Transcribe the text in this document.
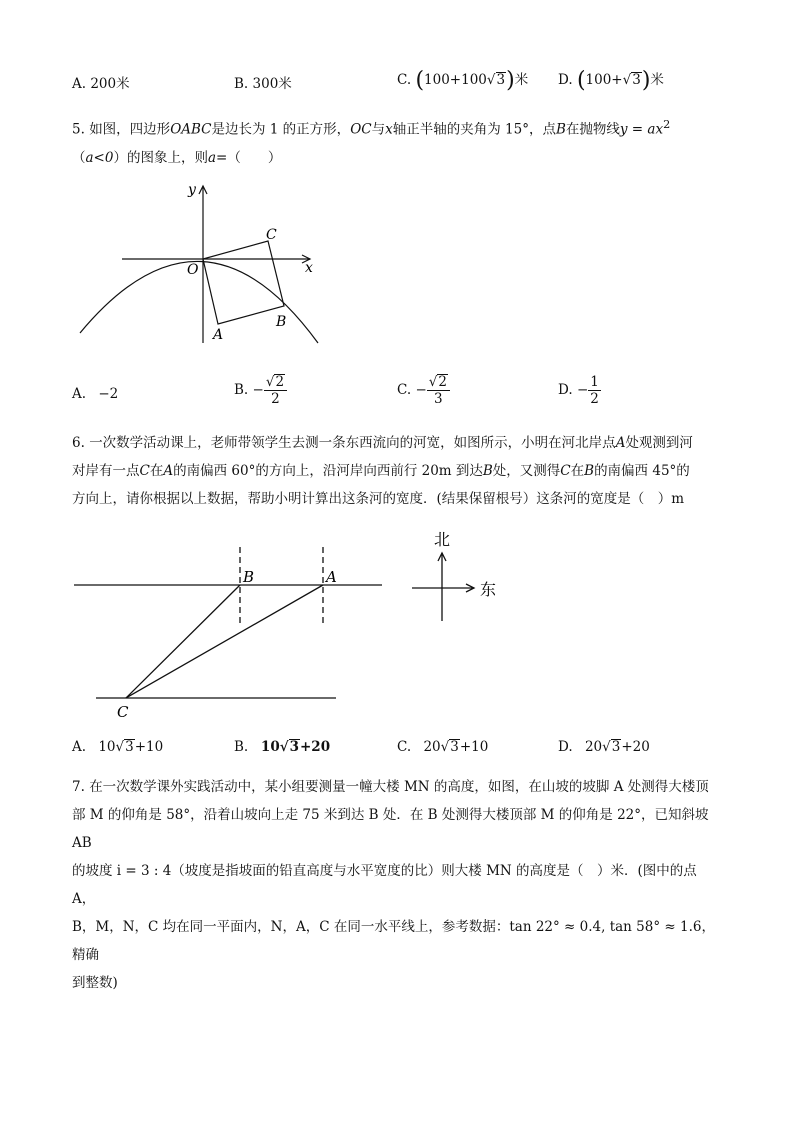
A. 200米	B. 300米	C. (100+100√3)米 D. (100+√3)米
5. 如图，四边形OABC是边长为 1 的正方形，OC与x轴正半轴的夹角为 15°，点B在抛物线$y = ax^2$
（a<0）的图象上，则a=（　　）
y
x
O
C
B
A
A. −2	B. − $\frac{√2}{2}$	C. − $\frac{√2}{3}$	D. − $\frac{1}{2}$
6. 一次数学活动课上，老师带领学生去测一条东西流向的河宽，如图所示，小明在河北岸点A处观测到河
对岸有一点C在A的南偏西 60°的方向上，沿河岸向西前行 20m 到达B处，又测得C在B的南偏西 45°的
方向上，请你根据以上数据，帮助小明计算出这条河的宽度．(结果保留根号）这条河的宽度是（　）m
B	A
C
北
东
A. 10√3+10	B. 10√3+20	C. 20√3+10	D. 20√3+20
7. 在一次数学课外实践活动中，某小组要测量一幢大楼 MN 的高度，如图，在山坡的坡脚 A 处测得大楼顶
部 M 的仰角是 58°，沿着山坡向上走 75 米到达 B 处．在 B 处测得大楼顶部 M 的仰角是 22°，已知斜坡 AB
的坡度 i = 3 : 4（坡度是指坡面的铅直高度与水平宽度的比）则大楼 MN 的高度是（　）米．(图中的点 A，
B，M，N，C 均在同一平面内，N，A，C 在同一水平线上，参考数据：tan 22° ≈ 0.4, tan 58° ≈ 1.6，精确
到整数)
